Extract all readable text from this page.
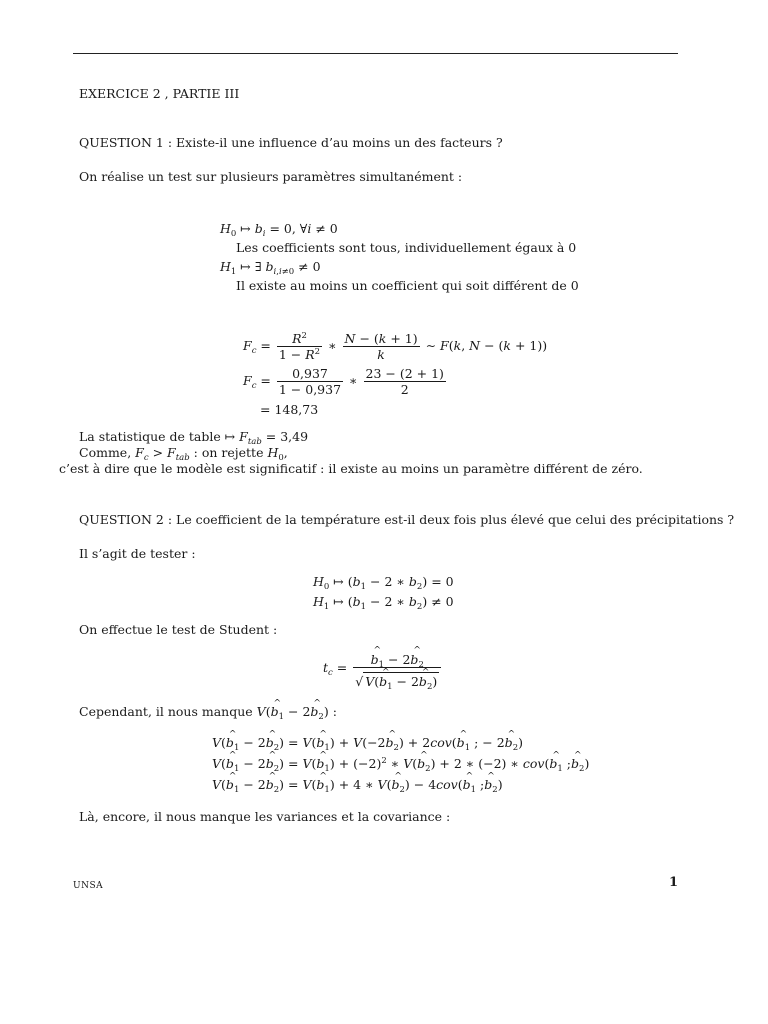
EXERCICE 2 , PARTIE III
QUESTION 1 : Existe-il une influence d’au moins un des facteurs ?
On réalise un test sur plusieurs paramètres simultanément :
$H_0$ ↦ $b_i = 0$, ∀i ≠ 0
Les coefficients sont tous, individuellement égaux à 0
$H_1$ ↦ ∃ $b_{i,i\ne 0} \ne 0$
Il existe au moins un coefficient qui soit différent de 0
$F_c = \frac{R^2}{1 - R^2}$ ∗ $\frac{N - (k + 1)}{k}$ ∼ F(k, N − (k + 1))
$F_c = \frac{0,937}{1 - 0,937}$ ∗ $\frac{23 - (2 + 1)}{2}$
= 148,73
La statistique de table ↦ $F_{tab} = 3,49$
Comme, $F_c > F_{tab}$ : on rejette $H_0$,
c’est à dire que le modèle est significatif : il existe au moins un paramètre différent de zéro.
QUESTION 2 : Le coefficient de la température est-il deux fois plus élevé que celui des précipitations ?
Il s’agit de tester :
$H_0$ ↦ ($b_1 - 2$ ∗ $b_2) = 0$
$H_1$ ↦ ($b_1 - 2$ ∗ $b_2) \ne 0$
On effectue le test de Student :
$t_c$ =
^ $\frac{b_1 - 2\^{} b_2}{√ V(\^{} b_1 - 2\^{} b_2)}$
Cependant, il nous manque V(^ $b_1$ − 2^ $b_2$) :
V(^ $b_1$ − 2^ $b_2$) = V(^ $b_1$) + V(−2^ $b_2$) + 2cov(^ $b_1$ ; − 2^ $b_2$)
V(^ $b_1$ − 2^ $b_2$) = V(^ $b_1) + (-2)^2$ ∗ V(^ $b_2) + 2$ ∗ (−2) ∗ cov(^ $b_1$ ;^ $b_2$)
V(^ $b_1$ − 2^ $b_2$) = V(^ $b_1) + 4$ ∗ V(^ $b_2$) − 4cov(^ $b_1$ ;^ $b_2$)
Là, encore, il nous manque les variances et la covariance :
UNSA	1
